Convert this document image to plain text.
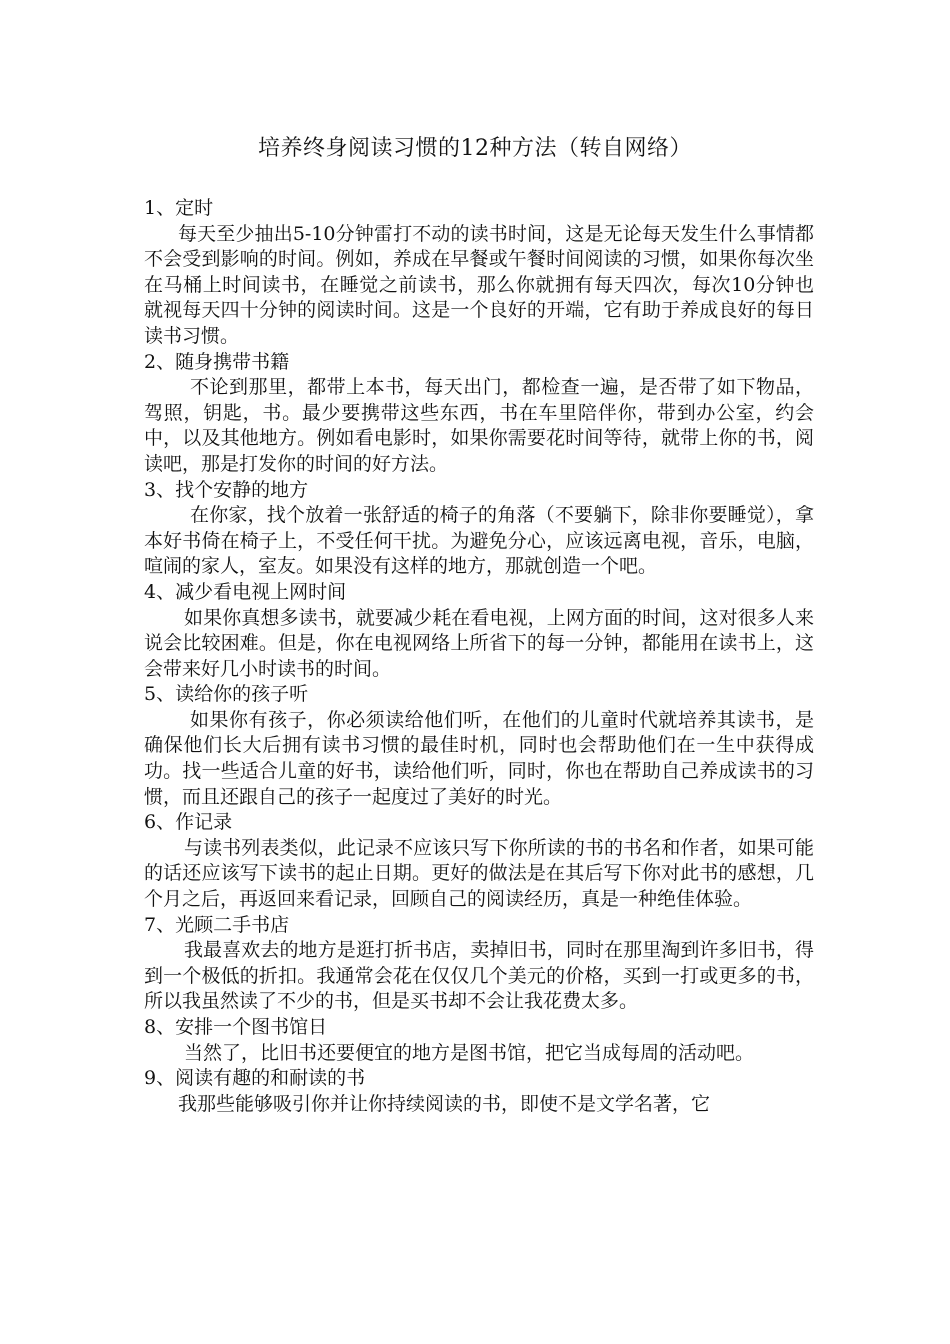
培养终身阅读习惯的12种方法（转自网络）

1、定时

每天至少抽出5-10分钟雷打不动的读书时间，这是无论每天发生什么事情都不会受到影响的时间。例如，养成在早餐或午餐时间阅读的习惯，如果你每次坐在马桶上时间读书，在睡觉之前读书，那么你就拥有每天四次，每次10分钟也就视每天四十分钟的阅读时间。这是一个良好的开端，它有助于养成良好的每日读书习惯。

2、随身携带书籍

不论到那里，都带上本书，每天出门，都检查一遍，是否带了如下物品，驾照，钥匙，书。最少要携带这些东西，书在车里陪伴你，带到办公室，约会中，以及其他地方。例如看电影时，如果你需要花时间等待，就带上你的书，阅读吧，那是打发你的时间的好方法。

3、找个安静的地方

在你家，找个放着一张舒适的椅子的角落（不要躺下，除非你要睡觉），拿本好书倚在椅子上，不受任何干扰。为避免分心，应该远离电视，音乐，电脑，喧闹的家人，室友。如果没有这样的地方，那就创造一个吧。

4、减少看电视上网时间

如果你真想多读书，就要减少耗在看电视，上网方面的时间，这对很多人来说会比较困难。但是，你在电视网络上所省下的每一分钟，都能用在读书上，这会带来好几小时读书的时间。

5、读给你的孩子听

如果你有孩子，你必须读给他们听，在他们的儿童时代就培养其读书，是确保他们长大后拥有读书习惯的最佳时机，同时也会帮助他们在一生中获得成功。找一些适合儿童的好书，读给他们听，同时，你也在帮助自己养成读书的习惯，而且还跟自己的孩子一起度过了美好的时光。

6、作记录

与读书列表类似，此记录不应该只写下你所读的书的书名和作者，如果可能的话还应该写下读书的起止日期。更好的做法是在其后写下你对此书的感想，几个月之后，再返回来看记录，回顾自己的阅读经历，真是一种绝佳体验。

7、光顾二手书店

我最喜欢去的地方是逛打折书店，卖掉旧书，同时在那里淘到许多旧书，得到一个极低的折扣。我通常会花在仅仅几个美元的价格，买到一打或更多的书，所以我虽然读了不少的书，但是买书却不会让我花费太多。

8、安排一个图书馆日

当然了，比旧书还要便宜的地方是图书馆，把它当成每周的活动吧。

9、阅读有趣的和耐读的书

我那些能够吸引你并让你持续阅读的书，即使不是文学名著，它
